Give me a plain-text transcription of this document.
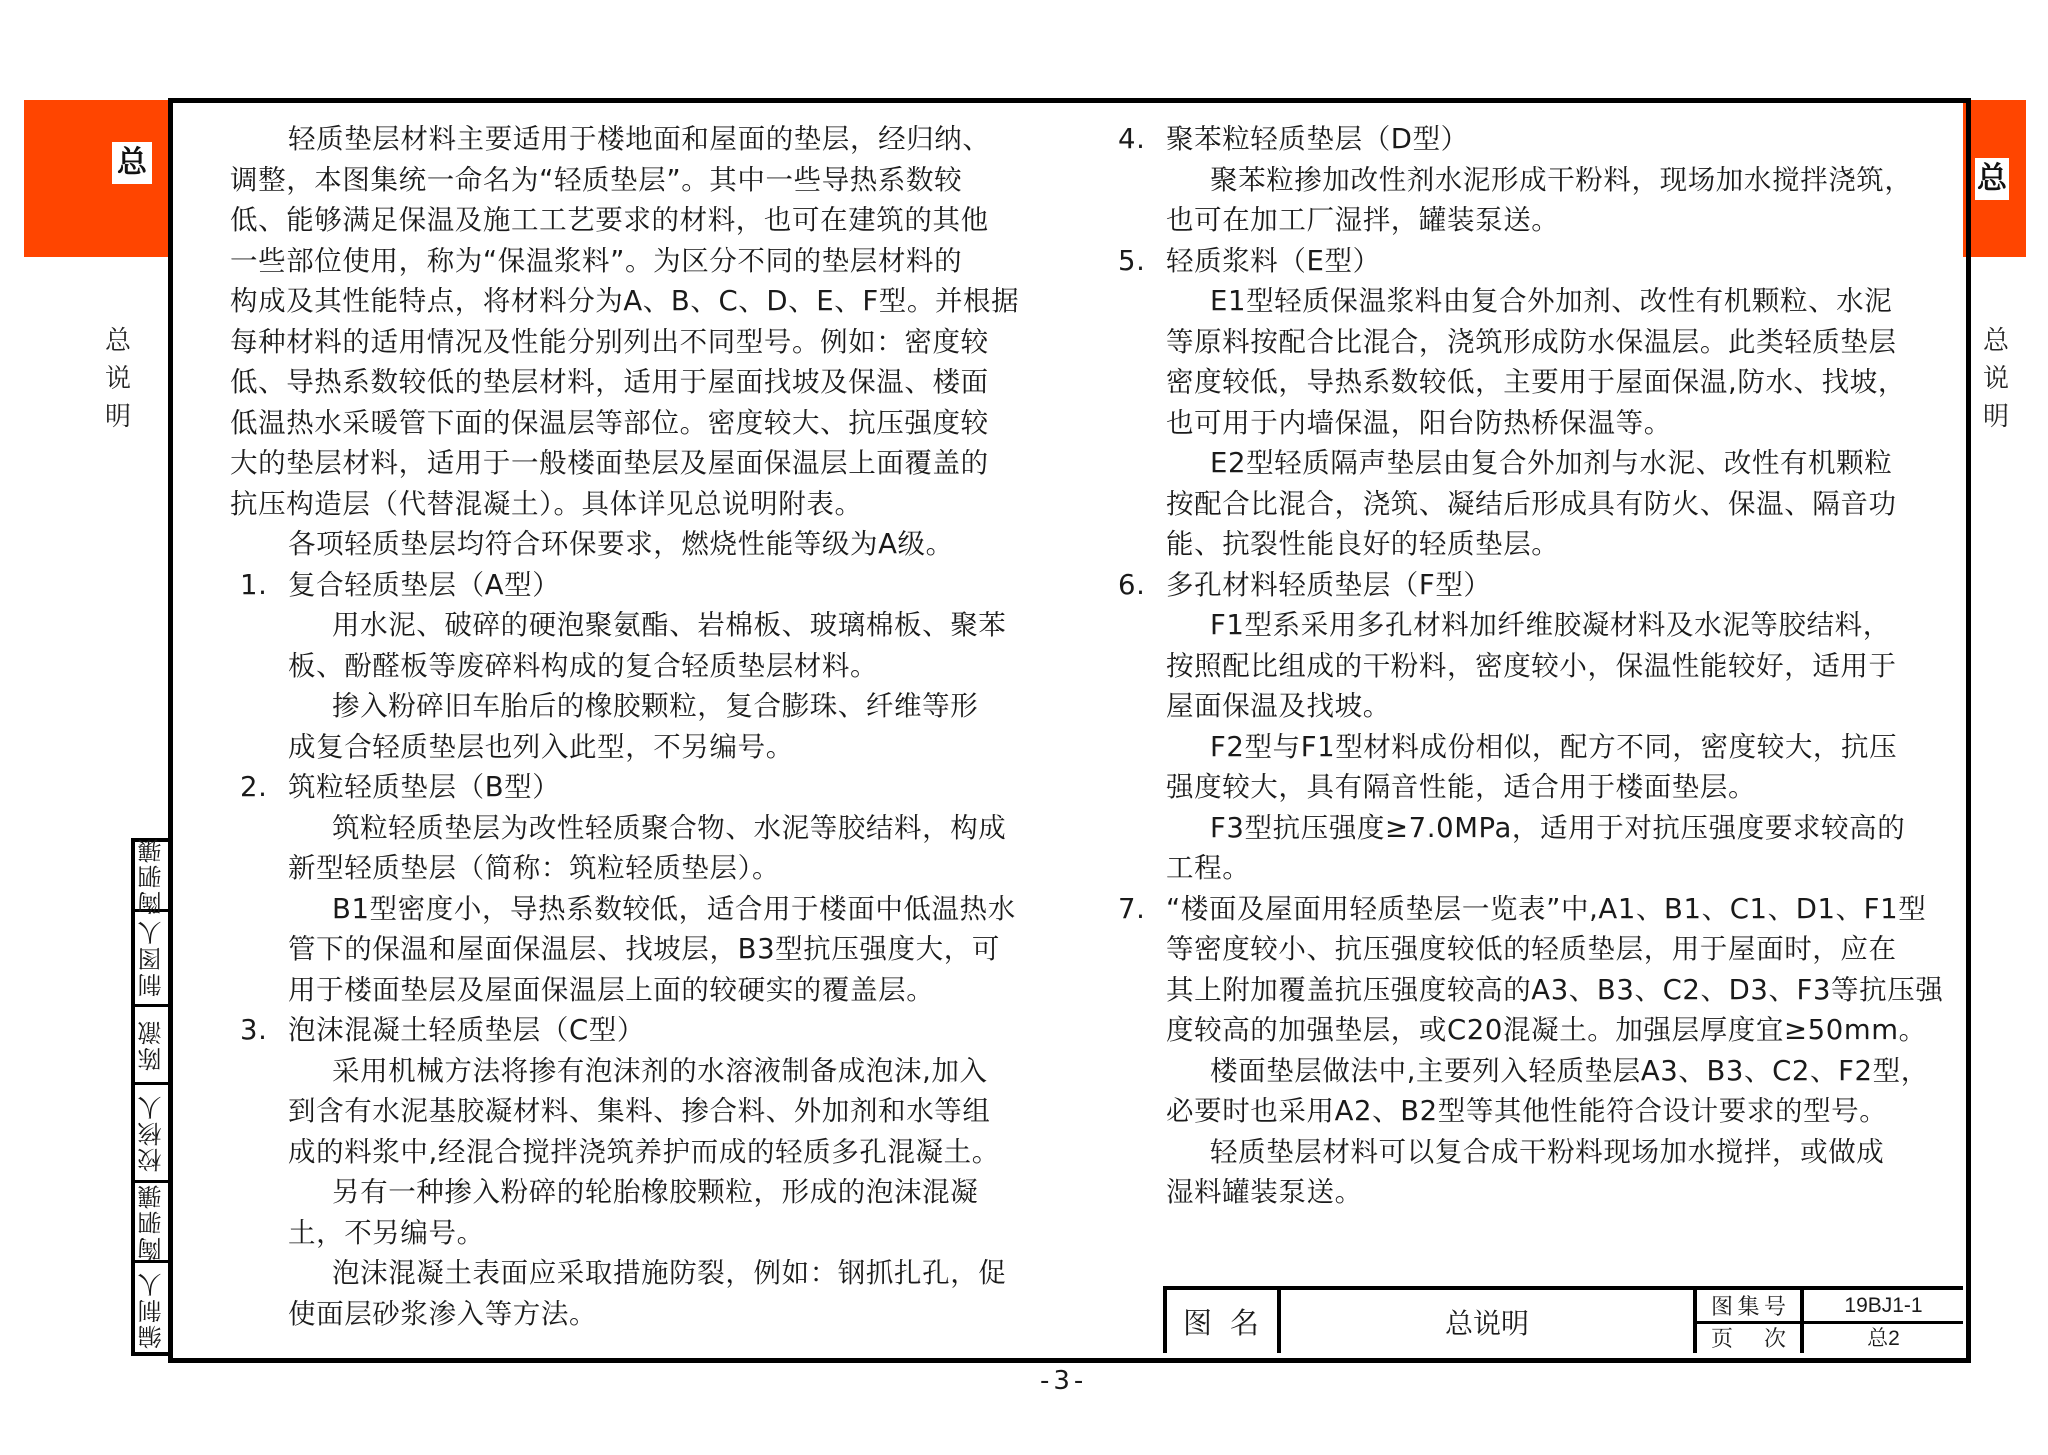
总	总
总
说
明
总
说
明

轻质垫层材料主要适用于楼地面和屋面的垫层，经归纳、

调整，本图集统一命名为“轻质垫层”。其中一些导热系数较

低、能够满足保温及施工工艺要求的材料，也可在建筑的其他

一些部位使用，称为“保温浆料”。为区分不同的垫层材料的

构成及其性能特点，将材料分为A、B、C、D、E、F型。并根据

每种材料的适用情况及性能分别列出不同型号。例如：密度较

低、导热系数较低的垫层材料，适用于屋面找坡及保温、楼面

低温热水采暖管下面的保温层等部位。密度较大、抗压强度较

大的垫层材料，适用于一般楼面垫层及屋面保温层上面覆盖的

抗压构造层（代替混凝土）。具体详见总说明附表。

各项轻质垫层均符合环保要求，燃烧性能等级为A级。

1. 复合轻质垫层（A型）

用水泥、破碎的硬泡聚氨酯、岩棉板、玻璃棉板、聚苯

板、酚醛板等废碎料构成的复合轻质垫层材料。

掺入粉碎旧车胎后的橡胶颗粒，复合膨珠、纤维等形

成复合轻质垫层也列入此型，不另编号。

2. 筑粒轻质垫层（B型）

筑粒轻质垫层为改性轻质聚合物、水泥等胶结料，构成

新型轻质垫层（简称：筑粒轻质垫层）。

B1型密度小，导热系数较低，适合用于楼面中低温热水

管下的保温和屋面保温层、找坡层，B3型抗压强度大，可

用于楼面垫层及屋面保温层上面的较硬实的覆盖层。

3. 泡沫混凝土轻质垫层（C型）

采用机械方法将掺有泡沫剂的水溶液制备成泡沫,加入

到含有水泥基胶凝材料、集料、掺合料、外加剂和水等组

成的料浆中,经混合搅拌浇筑养护而成的轻质多孔混凝土。

另有一种掺入粉碎的轮胎橡胶颗粒，形成的泡沫混凝

土，不另编号。

泡沫混凝土表面应采取措施防裂，例如：钢抓扎孔，促

使面层砂浆渗入等方法。

4. 聚苯粒轻质垫层（D型）

聚苯粒掺加改性剂水泥形成干粉料，现场加水搅拌浇筑，

也可在加工厂湿拌，罐装泵送。

5. 轻质浆料（E型）

E1型轻质保温浆料由复合外加剂、改性有机颗粒、水泥

等原料按配合比混合，浇筑形成防水保温层。此类轻质垫层

密度较低，导热系数较低，主要用于屋面保温,防水、找坡，

也可用于内墙保温，阳台防热桥保温等。

E2型轻质隔声垫层由复合外加剂与水泥、改性有机颗粒

按配合比混合，浇筑、凝结后形成具有防火、保温、隔音功

能、抗裂性能良好的轻质垫层。

6. 多孔材料轻质垫层（F型）

F1型系采用多孔材料加纤维胶凝材料及水泥等胶结料，

按照配比组成的干粉料，密度较小，保温性能较好，适用于

屋面保温及找坡。

F2型与F1型材料成份相似，配方不同，密度较大，抗压

强度较大，具有隔音性能，适合用于楼面垫层。

F3型抗压强度≥7.0MPa，适用于对抗压强度要求较高的

工程。

7. “楼面及屋面用轻质垫层一览表”中,A1、B1、C1、D1、F1型

等密度较小、抗压强度较低的轻质垫层，用于屋面时，应在

其上附加覆盖抗压强度较高的A3、B3、C2、D3、F3等抗压强

度较高的加强垫层，或C20混凝土。加强层厚度宜≥50mm。

楼面垫层做法中,主要列入轻质垫层A3、B3、C2、F2型，

必要时也采用A2、B2型等其他性能符合设计要求的型号。

轻质垫层材料可以复合成干粉料现场加水搅拌，或做成

湿料罐装泵送。

陶驷骧
制图人
陈澈
校核人
陶驷骧
编制人	图名	总说明	图 集 号	19BJ1-1
页 次	总2
-3-
